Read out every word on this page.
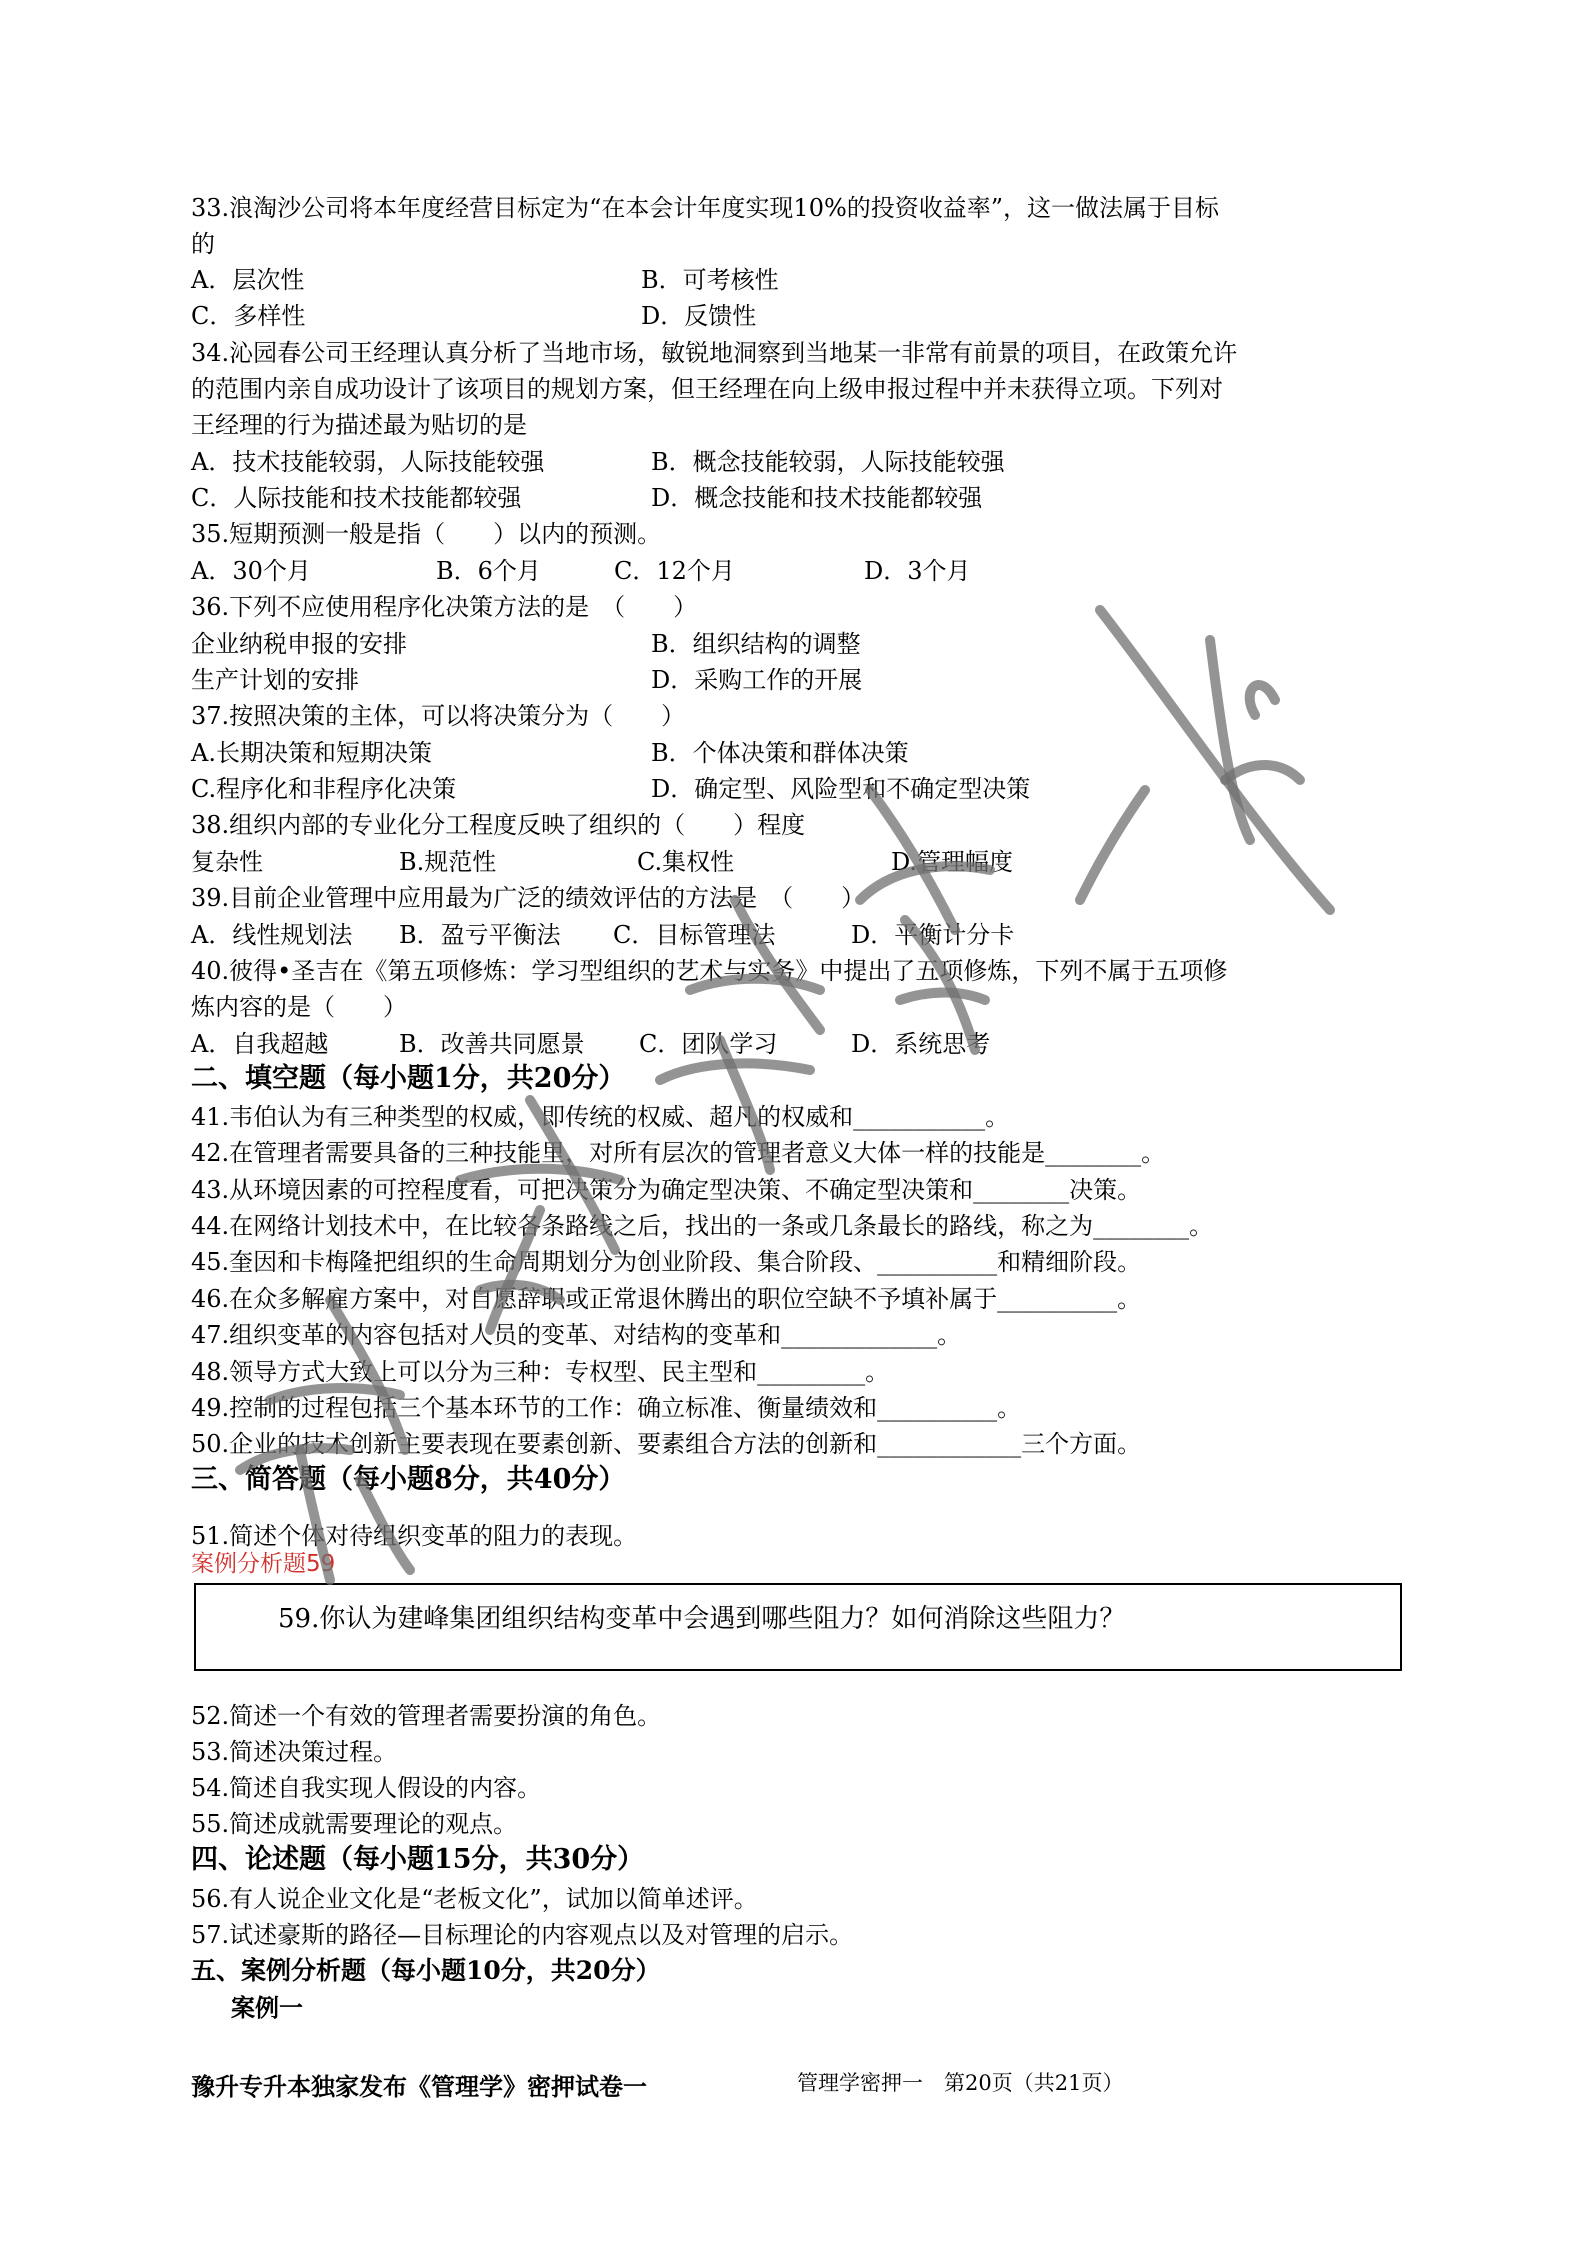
33.浪淘沙公司将本年度经营目标定为“在本会计年度实现10%的投资收益率”，这一做法属于目标
的
A．层次性	B．可考核性
C．多样性	D．反馈性
34.沁园春公司王经理认真分析了当地市场，敏锐地洞察到当地某一非常有前景的项目，在政策允许
的范围内亲自成功设计了该项目的规划方案，但王经理在向上级申报过程中并未获得立项。下列对
王经理的行为描述最为贴切的是
A．技术技能较弱，人际技能较强	B．概念技能较弱，人际技能较强
C．人际技能和技术技能都较强	D．概念技能和技术技能都较强
35.短期预测一般是指（　　）以内的预测。
A．30个月	B．6个月	C．12个月	D．3个月
36.下列不应使用程序化决策方法的是　（　　）
企业纳税申报的安排	B．组织结构的调整
生产计划的安排	D．采购工作的开展
37.按照决策的主体，可以将决策分为（　　）
A.长期决策和短期决策	B．个体决策和群体决策
C.程序化和非程序化决策	D．确定型、风险型和不确定型决策
38.组织内部的专业化分工程度反映了组织的（　　）程度
复杂性	B.规范性	C.集权性	D.管理幅度
39.目前企业管理中应用最为广泛的绩效评估的方法是　（　　）
A．线性规划法 B．盈亏平衡法 C．目标管理法	D．平衡计分卡
40.彼得•圣吉在《第五项修炼：学习型组织的艺术与实务》中提出了五项修炼，下列不属于五项修
炼内容的是（　　）
A．自我超越	B．改善共同愿景 C．团队学习	D．系统思考
二、填空题（每小题1分，共20分）
41.韦伯认为有三种类型的权威，即传统的权威、超凡的权威和___________。
42.在管理者需要具备的三种技能里，对所有层次的管理者意义大体一样的技能是________。
43.从环境因素的可控程度看，可把决策分为确定型决策、不确定型决策和________决策。
44.在网络计划技术中，在比较各条路线之后，找出的一条或几条最长的路线，称之为________。
45.奎因和卡梅隆把组织的生命周期划分为创业阶段、集合阶段、__________和精细阶段。
46.在众多解雇方案中，对自愿辞职或正常退休腾出的职位空缺不予填补属于__________。
47.组织变革的内容包括对人员的变革、对结构的变革和_____________。
48.领导方式大致上可以分为三种：专权型、民主型和_________。
49.控制的过程包括三个基本环节的工作：确立标准、衡量绩效和__________。
50.企业的技术创新主要表现在要素创新、要素组合方法的创新和____________三个方面。
三、简答题（每小题8分，共40分）
51.简述个体对待组织变革的阻力的表现。
案例分析题59
59.你认为建峰集团组织结构变革中会遇到哪些阻力？如何消除这些阻力？
52.简述一个有效的管理者需要扮演的角色。
53.简述决策过程。
54.简述自我实现人假设的内容。
55.简述成就需要理论的观点。
四、论述题（每小题15分，共30分）
56.有人说企业文化是“老板文化”，试加以简单述评。
57.试述豪斯的路径—目标理论的内容观点以及对管理的启示。
五、案例分析题（每小题10分，共20分）
案例一
豫升专升本独家发布《管理学》密押试卷一	管理学密押一　第20页（共21页）
